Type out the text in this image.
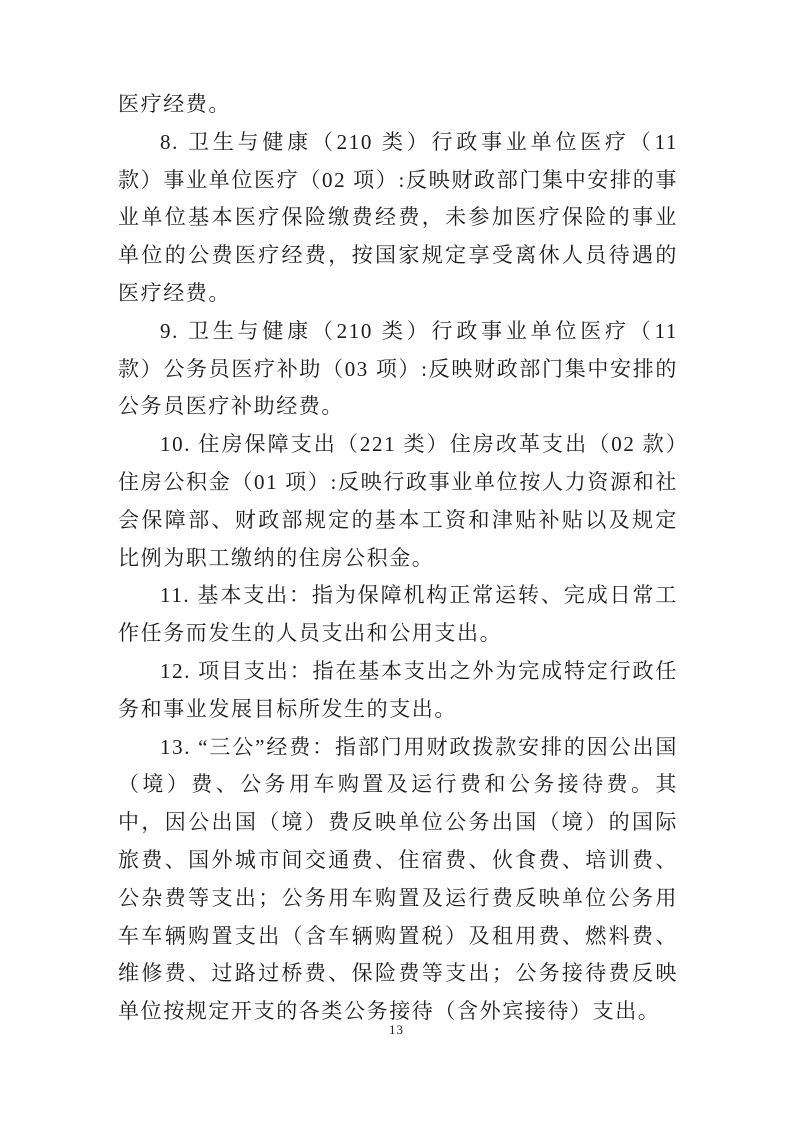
医疗经费。

8. 卫生与健康（210 类）行政事业单位医疗（11 款）事业单位医疗（02 项）:反映财政部门集中安排的事业单位基本医疗保险缴费经费，未参加医疗保险的事业单位的公费医疗经费，按国家规定享受离休人员待遇的医疗经费。

9. 卫生与健康（210 类）行政事业单位医疗（11 款）公务员医疗补助（03 项）:反映财政部门集中安排的公务员医疗补助经费。

10. 住房保障支出（221 类）住房改革支出（02 款）住房公积金（01 项）:反映行政事业单位按人力资源和社会保障部、财政部规定的基本工资和津贴补贴以及规定比例为职工缴纳的住房公积金。

11. 基本支出：指为保障机构正常运转、完成日常工作任务而发生的人员支出和公用支出。

12. 项目支出：指在基本支出之外为完成特定行政任务和事业发展目标所发生的支出。

13. “三公”经费：指部门用财政拨款安排的因公出国（境）费、公务用车购置及运行费和公务接待费。其中，因公出国（境）费反映单位公务出国（境）的国际旅费、国外城市间交通费、住宿费、伙食费、培训费、公杂费等支出；公务用车购置及运行费反映单位公务用车车辆购置支出（含车辆购置税）及租用费、燃料费、维修费、过路过桥费、保险费等支出；公务接待费反映单位按规定开支的各类公务接待（含外宾接待）支出。

13
